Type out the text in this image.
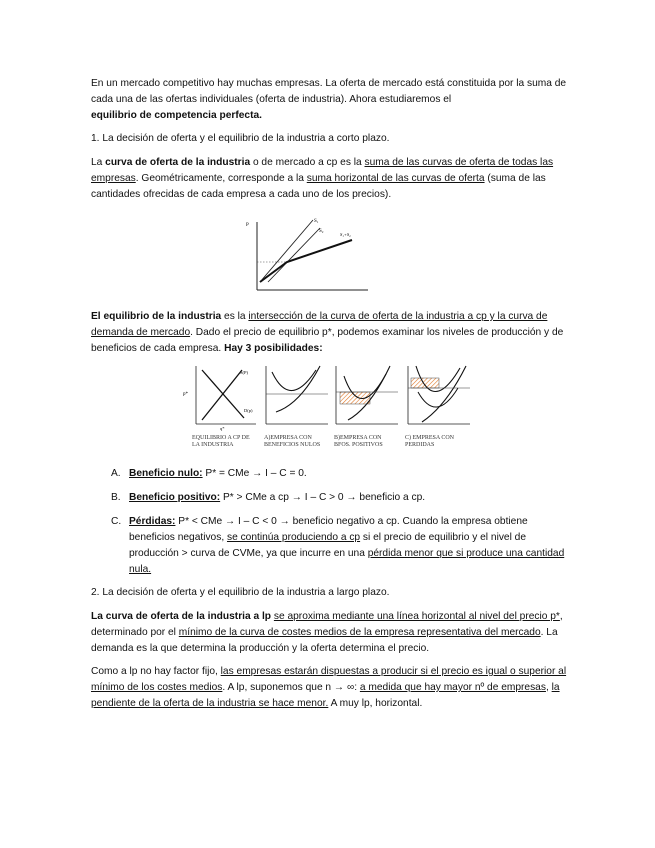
En un mercado competitivo hay muchas empresas. La oferta de mercado está constituida por la suma de cada una de las ofertas individuales (oferta de industria). Ahora estudiaremos el
equilibrio de competencia perfecta.

1. La decisión de oferta y el equilibrio de la industria a corto plazo.

La curva de oferta de la industria o de mercado a cp es la suma de las curvas de oferta de todas las empresas. Geométricamente, corresponde a la suma horizontal de las curvas de oferta (suma de las cantidades ofrecidas de cada empresa a cada uno de los precios).

P
S₁
S₂
S₁+S₂

El equilibrio de la industria es la intersección de la curva de oferta de la industria a cp y la curva de demanda de mercado. Dado el precio de equilibrio p*, podemos examinar los niveles de producción y de beneficios de cada empresa. Hay 3 posibilidades:

p*
S(P)
D(p)
q*
EQUILIBRIO A CP DE LA INDUSTRIA
A)EMPRESA CON BENEFICIOS NULOS
B)EMPRESA CON BFOS. POSITIVOS
C) EMPRESA CON PERDIDAS
A. Beneficio nulo: P* = CMe → I – C = 0.
B. Beneficio positivo: P* > CMe a cp → I – C > 0 → beneficio a cp.
C. Pérdidas: P* < CMe → I – C < 0 → beneficio negativo a cp. Cuando la empresa obtiene beneficios negativos, se continúa produciendo a cp si el precio de equilibrio y el nivel de producción > curva de CVMe, ya que incurre en una pérdida menor que si produce una cantidad nula.

2. La decisión de oferta y el equilibrio de la industria a largo plazo.

La curva de oferta de la industria a lp se aproxima mediante una línea horizontal al nivel del precio p*, determinado por el mínimo de la curva de costes medios de la empresa representativa del mercado. La demanda es la que determina la producción y la oferta determina el precio.

Como a lp no hay factor fijo, las empresas estarán dispuestas a producir si el precio es igual o superior al mínimo de los costes medios. A lp, suponemos que n → ∞: a medida que hay mayor nº de empresas, la pendiente de la oferta de la industria se hace menor. A muy lp, horizontal.
